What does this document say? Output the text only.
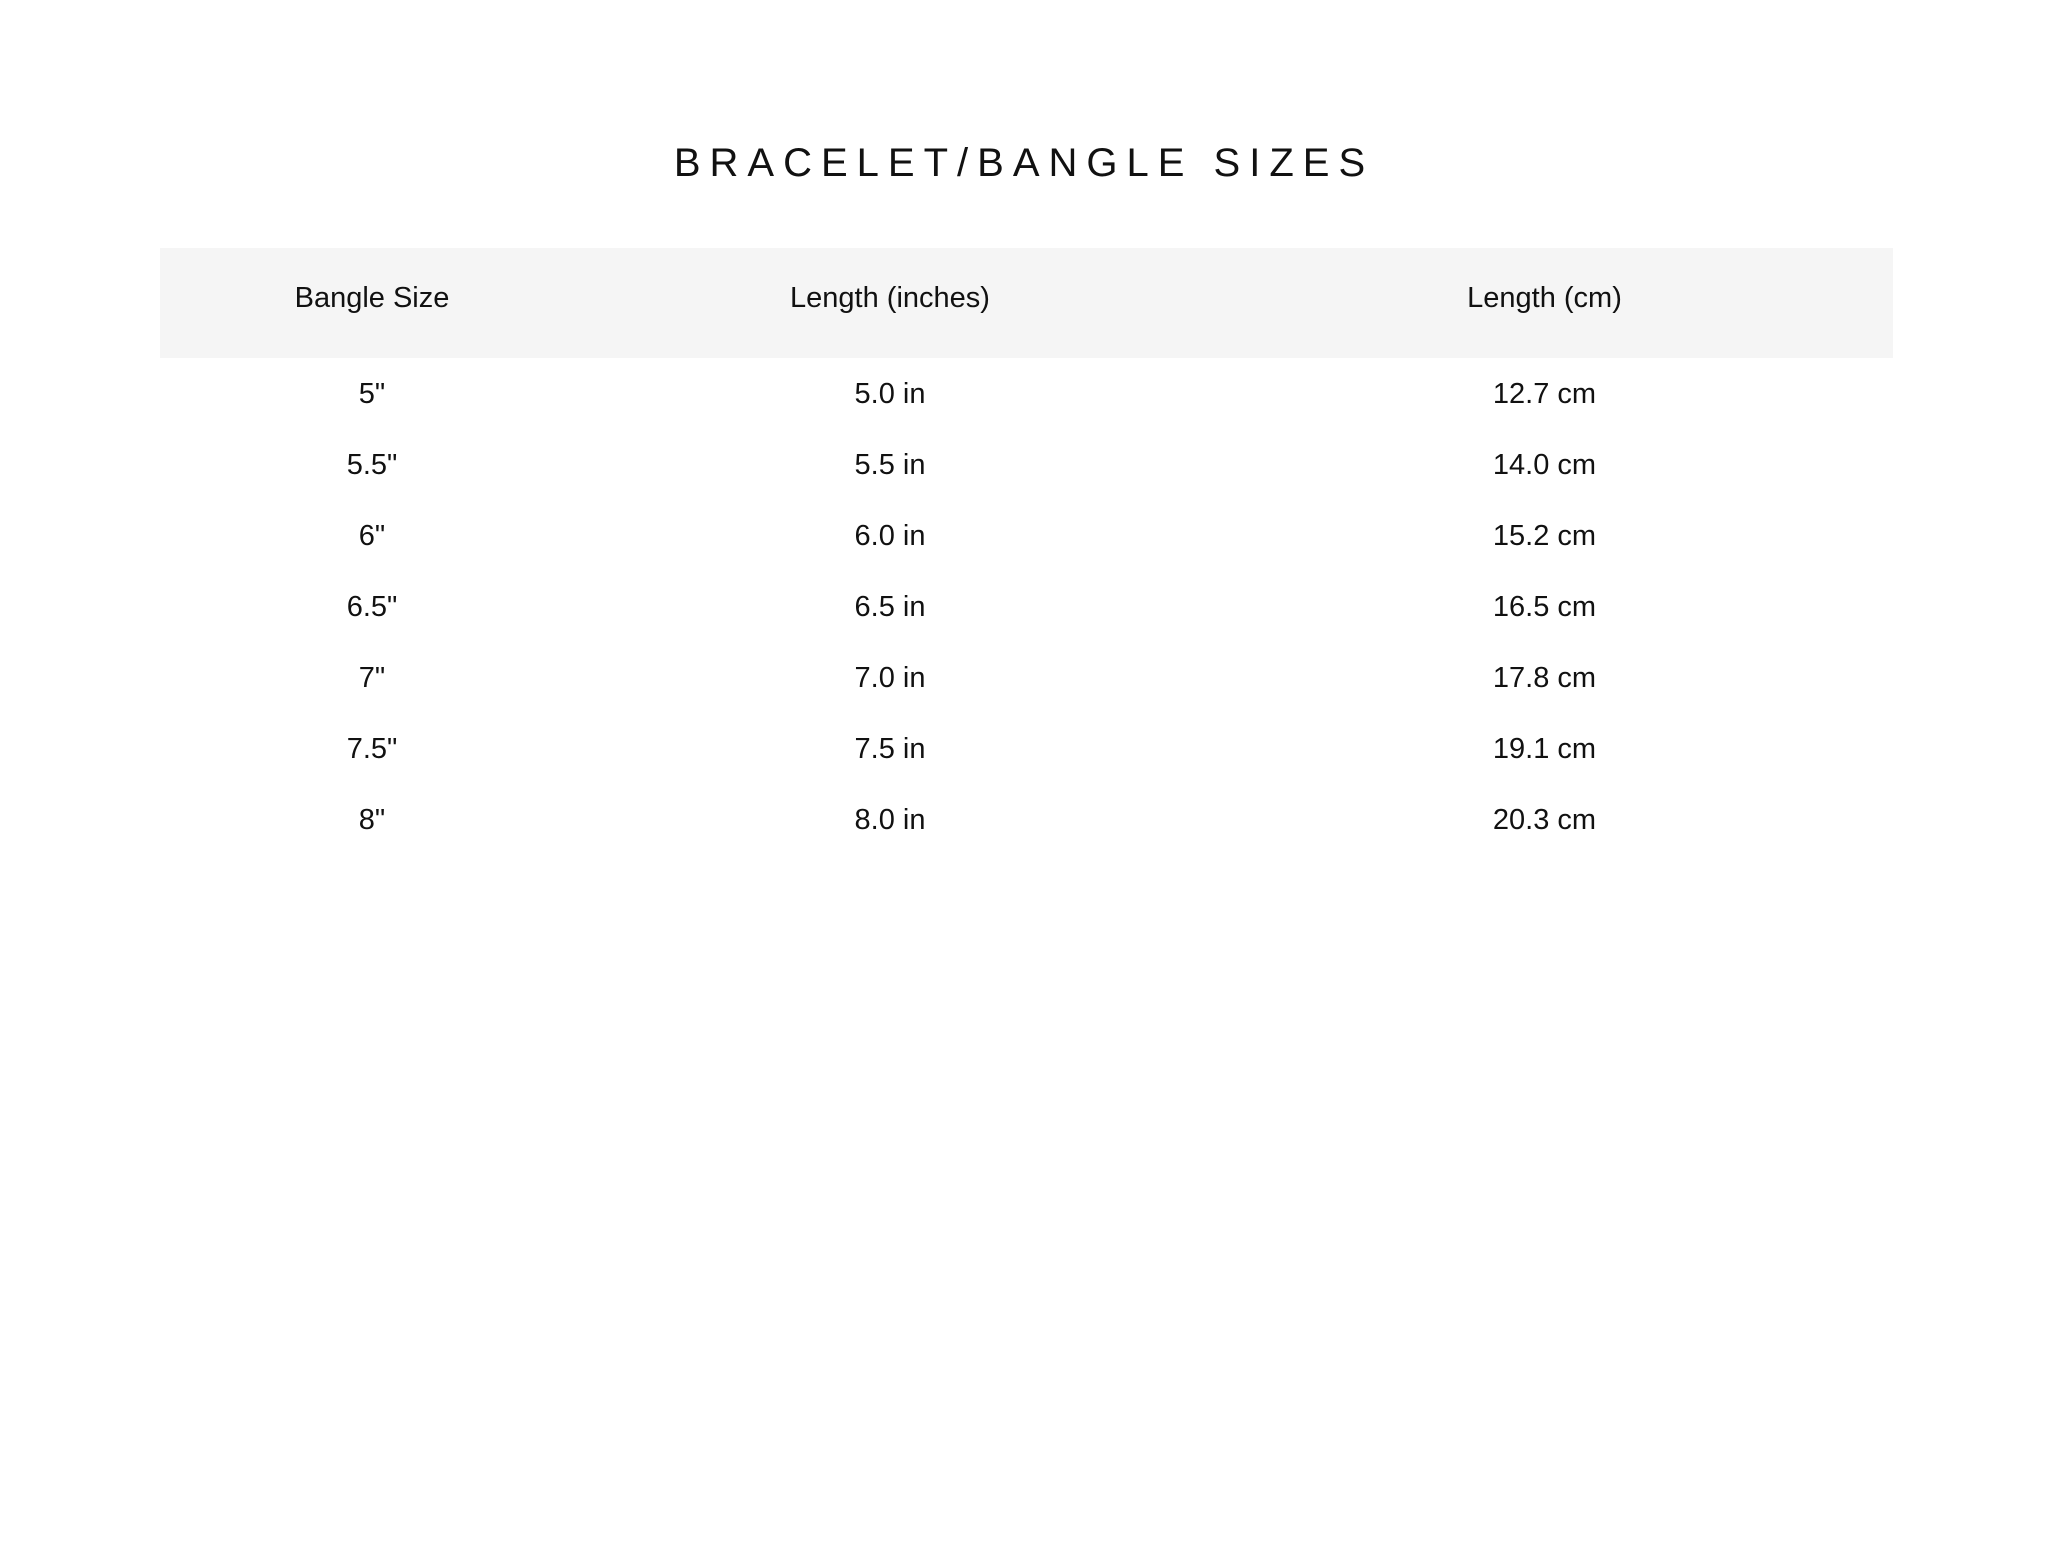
BRACELET/BANGLE SIZES
Bangle Size	Length (inches)	Length (cm)
5"	5.0 in	12.7 cm
5.5"	5.5 in	14.0 cm
6"	6.0 in	15.2 cm
6.5"	6.5 in	16.5 cm
7"	7.0 in	17.8 cm
7.5"	7.5 in	19.1 cm
8"	8.0 in	20.3 cm
